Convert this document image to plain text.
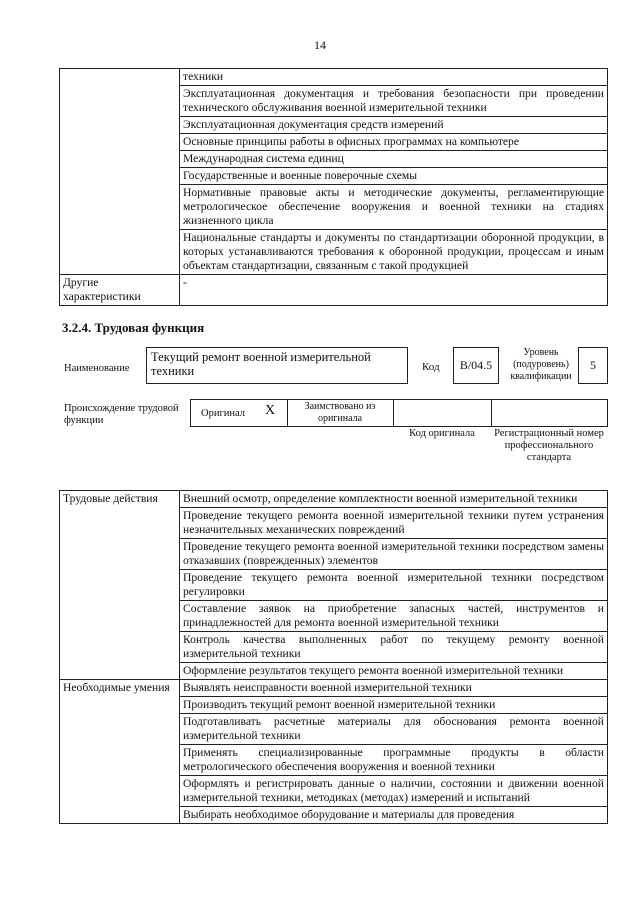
14
	техники
	Эксплуатационная документация и требования безопасности при проведении технического обслуживания военной измерительной техники
	Эксплуатационная документация средств измерений
	Основные принципы работы в офисных программах на компьютере
	Международная система единиц
	Государственные и военные поверочные схемы
	Нормативные правовые акты и методические документы, регламентирующие метрологическое обеспечение вооружения и военной техники на стадиях жизненного цикла
	Национальные стандарты и документы по стандартизации оборонной продукции, в которых устанавливаются требования к оборонной продукции, процессам и иным объектам стандартизации, связанным с такой продукцией
Другие характеристики	-
3.2.4. Трудовая функция
Наименование
Текущий ремонт военной измерительной техники	Код	В/04.5
Уровень (подуровень) квалификации
5
Происхождение трудовой функции
Оригинал X	Заимствовано из оригинала
Код оригинала	Регистрационный номер профессионального стандарта
Трудовые действия	Внешний осмотр, определение комплектности военной измерительной техники
	Проведение текущего ремонта военной измерительной техники путем устранения незначительных механических повреждений
	Проведение текущего ремонта военной измерительной техники посредством замены отказавших (поврежденных) элементов
	Проведение текущего ремонта военной измерительной техники посредством регулировки
	Составление заявок на приобретение запасных частей, инструментов и принадлежностей для ремонта военной измерительной техники
	Контроль качества выполненных работ по текущему ремонту военной измерительной техники
	Оформление результатов текущего ремонта военной измерительной техники
Необходимые умения	Выявлять неисправности военной измерительной техники
	Производить текущий ремонт военной измерительной техники
	Подготавливать расчетные материалы для обоснования ремонта военной измерительной техники
	Применять специализированные программные продукты в области метрологического обеспечения вооружения и военной техники
	Оформлять и регистрировать данные о наличии, состоянии и движении военной измерительной техники, методиках (методах) измерений и испытаний
	Выбирать необходимое оборудование и материалы для проведения
